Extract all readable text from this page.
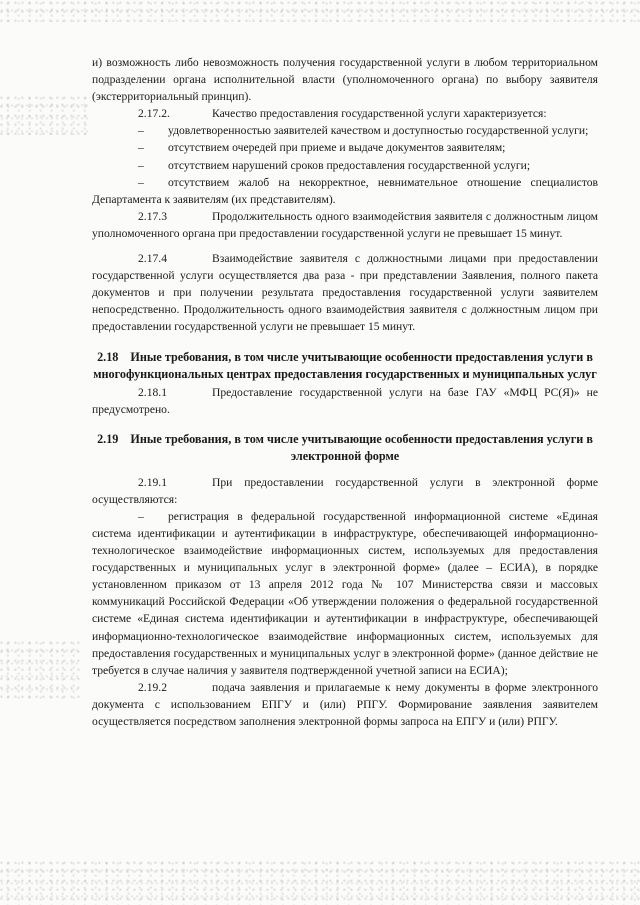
и) возможность либо невозможность получения государственной услуги в любом территориальном подразделении органа исполнительной власти (уполномоченного органа) по выбору заявителя (экстерриториальный принцип).

2.17.2.	Качество предоставления государственной услуги характеризуется:

– удовлетворенностью заявителей качеством и доступностью государственной услуги;

– отсутствием очередей при приеме и выдаче документов заявителям;

– отсутствием нарушений сроков предоставления государственной услуги;

– отсутствием жалоб на некорректное, невнимательное отношение специалистов Департамента к заявителям (их представителям).

2.17.3	Продолжительность одного взаимодействия заявителя с должностным лицом уполномоченного органа при предоставлении государственной услуги не превышает 15 минут.

2.17.4	Взаимодействие заявителя с должностными лицами при предоставлении государственной услуги осуществляется два раза - при представлении Заявления, полного пакета документов и при получении результата предоставления государственной услуги заявителем непосредственно. Продолжительность одного взаимодействия заявителя с должностным лицом при предоставлении государственной услуги не превышает 15 минут.

2.18 Иные требования, в том числе учитывающие особенности предоставления услуги в многофункциональных центрах предоставления государственных и муниципальных услуг

2.18.1	Предоставление государственной услуги на базе ГАУ «МФЦ РС(Я)» не предусмотрено.

2.19 Иные требования, в том числе учитывающие особенности предоставления услуги в электронной форме

2.19.1	При предоставлении государственной услуги в электронной форме осуществляются:

– регистрация в федеральной государственной информационной системе «Единая система идентификации и аутентификации в инфраструктуре, обеспечивающей информационно-технологическое взаимодействие информационных систем, используемых для предоставления государственных и муниципальных услуг в электронной форме» (далее – ЕСИА), в порядке установленном приказом от 13 апреля 2012 года № 107 Министерства связи и массовых коммуникаций Российской Федерации «Об утверждении положения о федеральной государственной системе «Единая система идентификации и аутентификации в инфраструктуре, обеспечивающей информационно-технологическое взаимодействие информационных систем, используемых для предоставления государственных и муниципальных услуг в электронной форме» (данное действие не требуется в случае наличия у заявителя подтвержденной учетной записи на ЕСИА);

2.19.2	подача заявления и прилагаемые к нему документы в форме электронного документа с использованием ЕПГУ и (или) РПГУ. Формирование заявления заявителем осуществляется посредством заполнения электронной формы запроса на ЕПГУ и (или) РПГУ.
